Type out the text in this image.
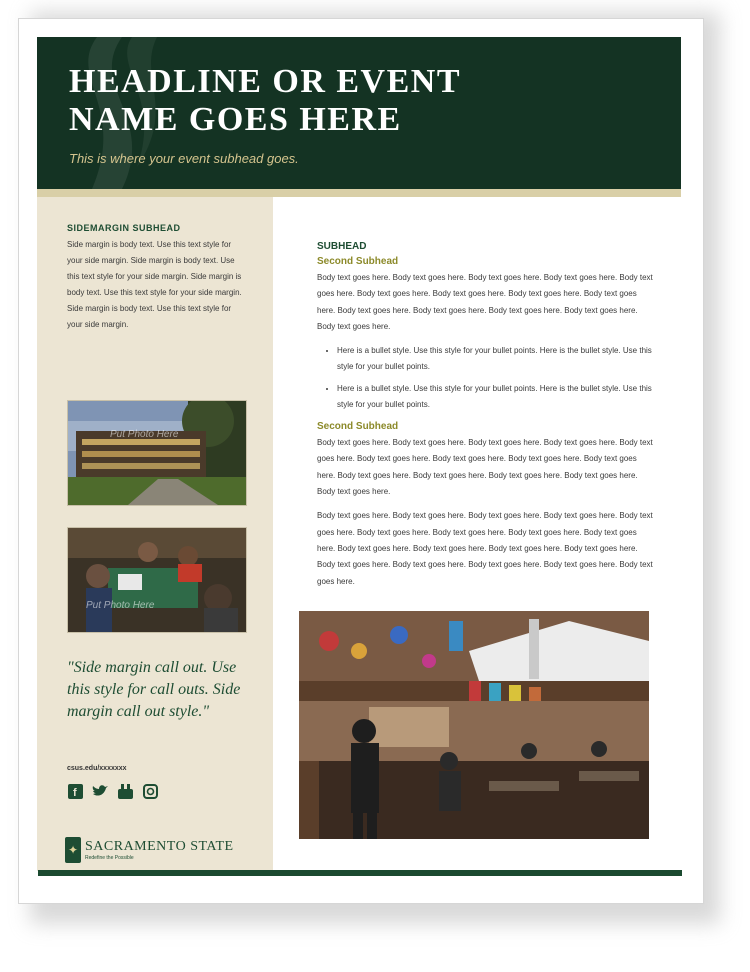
HEADLINE OR EVENT NAME GOES HERE
This is where your event subhead goes.
SIDEMARGIN SUBHEAD
Side margin is body text. Use this text style for your side margin. Side margin is body text. Use this text style for your side margin. Side margin is body text. Use this text style for your side margin. Side margin is body text. Use this text style for your side margin.
Put Photo Here
Put Photo Here
"Side margin call out. Use this style for call outs. Side margin call out style."
csus.edu/xxxxxxx
f
✦ SACRAMENTO STATE
Redefine the Possible
SUBHEAD
Second Subhead

Body text goes here. Body text goes here. Body text goes here. Body text goes here. Body text goes here. Body text goes here. Body text goes here. Body text goes here. Body text goes here. Body text goes here. Body text goes here. Body text goes here. Body text goes here. Body text goes here.

• Here is a bullet style. Use this style for your bullet points. Here is the bullet style. Use this style for your bullet points.
• Here is a bullet style. Use this style for your bullet points. Here is the bullet style. Use this style for your bullet points.
Second Subhead

Body text goes here. Body text goes here. Body text goes here. Body text goes here. Body text goes here. Body text goes here. Body text goes here. Body text goes here. Body text goes here. Body text goes here. Body text goes here. Body text goes here. Body text goes here. Body text goes here.

Body text goes here. Body text goes here. Body text goes here. Body text goes here. Body text goes here. Body text goes here. Body text goes here. Body text goes here. Body text goes here. Body text goes here. Body text goes here. Body text goes here. Body text goes here. Body text goes here. Body text goes here. Body text goes here. Body text goes here. Body text goes here.
